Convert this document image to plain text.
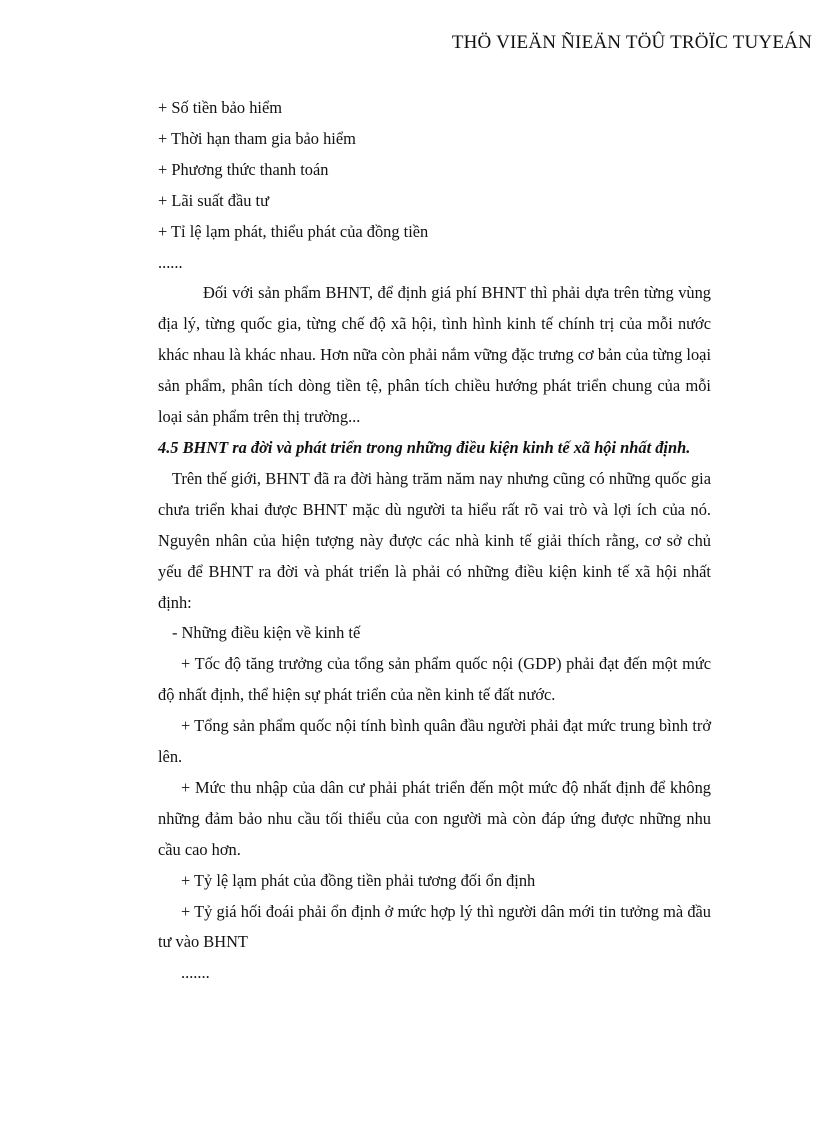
THÖ VIEÄN ÑIEÄN TÖÛ TRÖÏC TUYEÁN

+ Số tiền bảo hiểm

+ Thời hạn tham gia bảo hiểm

+ Phương thức thanh toán

+ Lãi suất đầu tư

+ Tỉ lệ lạm phát, thiểu phát của đồng tiền

......

Đối với sản phẩm BHNT, để định giá phí BHNT thì phải dựa trên từng vùng địa lý, từng quốc gia, từng chế độ xã hội, tình hình kinh tế chính trị của mỗi nước khác nhau là khác nhau. Hơn nữa còn phải nắm vững đặc trưng cơ bản của từng loại sản phẩm, phân tích dòng tiền tệ, phân tích chiều hướng phát triển chung của mỗi loại sản phẩm trên thị trường...

4.5 BHNT ra đời và phát triển trong những điều kiện kinh tế xã hội nhất định.

Trên thế giới, BHNT đã ra đời hàng trăm năm nay nhưng cũng có những quốc gia chưa triển khai được BHNT mặc dù người ta hiểu rất rõ vai trò và lợi ích của nó. Nguyên nhân của hiện tượng này được các nhà kinh tế giải thích rằng, cơ sở chủ yếu để BHNT ra đời và phát triển là phải có những điều kiện kinh tế xã hội nhất định:

- Những điều kiện về kinh tế

+ Tốc độ tăng trưởng của tổng sản phẩm quốc nội (GDP) phải đạt đến một mức độ nhất định, thể hiện sự phát triển của nền kinh tế đất nước.

+ Tổng sản phẩm quốc nội tính bình quân đầu người phải đạt mức trung bình trở lên.

+ Mức thu nhập của dân cư phải phát triển đến một mức độ nhất định để không những đảm bảo nhu cầu tối thiểu của con người mà còn đáp ứng được những nhu cầu cao hơn.

+ Tỷ lệ lạm phát của đồng tiền phải tương đối ổn định

+ Tỷ giá hối đoái phải ổn định ở mức hợp lý thì người dân mới tin tưởng mà đầu tư vào BHNT

.......
